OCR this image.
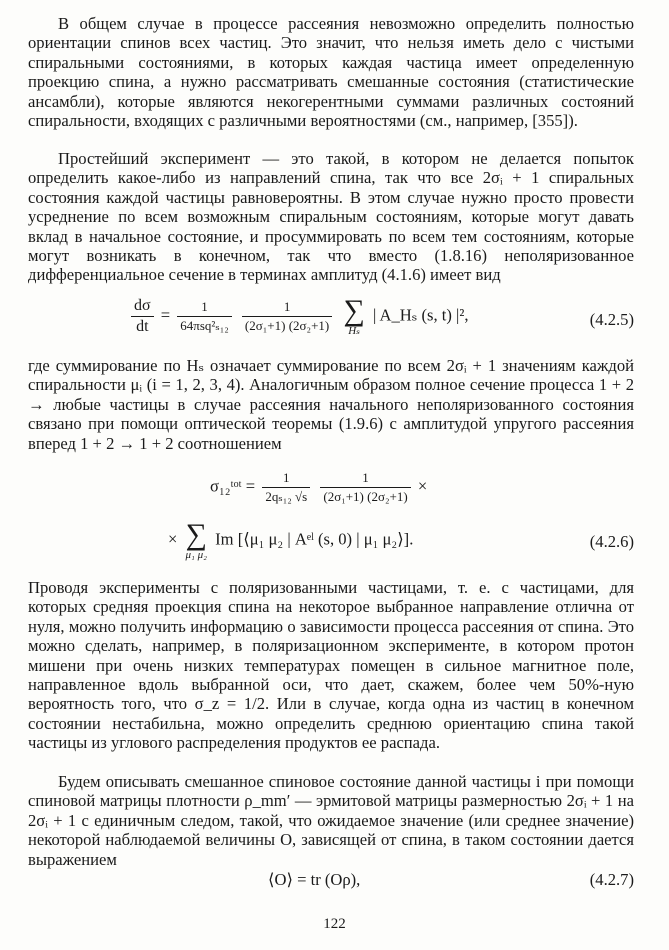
В общем случае в процессе рассеяния невозможно определить полностью ориентации спинов всех частиц. Это значит, что нельзя иметь дело с чистыми спиральными состояниями, в которых каждая частица имеет определенную проекцию спина, а нужно рассматривать смешанные состояния (статистические ансамбли), которые являются некогерентными суммами различных состояний спиральности, входящих с различными вероятностями (см., например, [355]).

Простейший эксперимент — это такой, в котором не делается попыток определить какое-либо из направлений спина, так что все 2σᵢ + 1 спиральных состояния каждой частицы равновероятны. В этом случае нужно просто провести усреднение по всем возможным спиральным состояниям, которые могут давать вклад в начальное состояние, и просуммировать по всем тем состояниям, которые могут возникать в конечном, так что вместо (1.8.16) неполяризованное дифференциальное сечение в терминах амплитуд (4.1.6) имеет вид

$\frac{d\sigma}{dt} = \frac{1}{\text{64πsq²ₛ₁₂}}$
$\frac{1}{\text{(2σ₁+1) (2σ₂+1)}}$
∑
Hₛ
| A_Hₛ (s, t) |²,	(4.2.5)

где суммирование по Hₛ означает суммирование по всем 2σᵢ + 1 значениям каждой спиральности μᵢ (i = 1, 2, 3, 4). Аналогичным образом полное сечение процесса 1 + 2 → любые частицы в случае рассеяния начального неполяризованного состояния связано при помощи оптической теоремы (1.9.6) с амплитудой упругого рассеяния вперед 1 + 2 → 1 + 2 соотношением

σ₁₂ᵗᵒᵗ = $\frac{1}{\text{2qₛ₁₂ √s}}$
$\frac{1}{\text{(2σ₁+1) (2σ₂+1)}}$ ×
× ∑
μ₁ μ₂
Im [⟨μ₁ μ₂ | Aᵉˡ (s, 0) | μ₁ μ₂⟩].	(4.2.6)

Проводя эксперименты с поляризованными частицами, т. е. с частицами, для которых средняя проекция спина на некоторое выбранное направление отлична от нуля, можно получить информацию о зависимости процесса рассеяния от спина. Это можно сделать, например, в поляризационном эксперименте, в котором протон мишени при очень низких температурах помещен в сильное магнитное поле, направленное вдоль выбранной оси, что дает, скажем, более чем 50%-ную вероятность того, что σ_z = 1/2. Или в случае, когда одна из частиц в конечном состоянии нестабильна, можно определить среднюю ориентацию спина такой частицы из углового распределения продуктов ее распада.

Будем описывать смешанное спиновое состояние данной частицы i при помощи спиновой матрицы плотности ρ_mm′ — эрмитовой матрицы размерностью 2σᵢ + 1 на 2σᵢ + 1 с единичным следом, такой, что ожидаемое значение (или среднее значение) некоторой наблюдаемой величины O, зависящей от спина, в таком состоянии дается выражением

⟨O⟩ = tr (Oρ),	(4.2.7)
122
